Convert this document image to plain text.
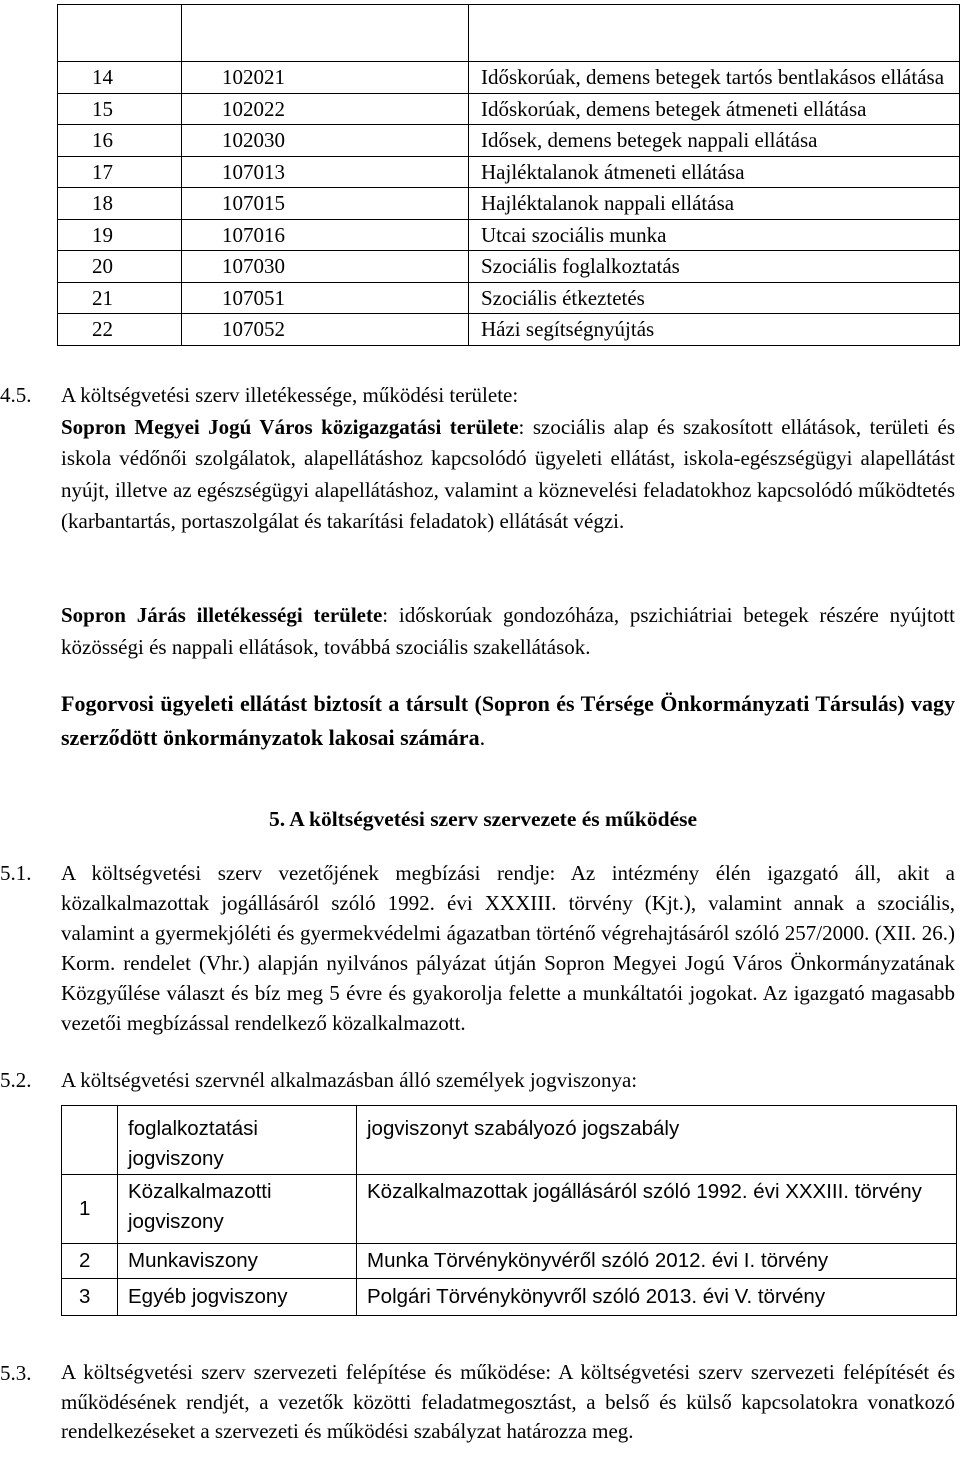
14	102021	Időskorúak, demens betegek tartós bentlakásos ellátása
15	102022	Időskorúak, demens betegek átmeneti ellátása
16	102030	Idősek, demens betegek nappali ellátása
17	107013	Hajléktalanok átmeneti ellátása
18	107015	Hajléktalanok nappali ellátása
19	107016	Utcai szociális munka
20	107030	Szociális foglalkoztatás
21	107051	Szociális étkeztetés
22	107052	Házi segítségnyújtás
4.5. A költségvetési szerv illetékessége, működési területe:
Sopron Megyei Jogú Város közigazgatási területe: szociális alap és szakosított ellátások, területi és iskola védőnői szolgálatok, alapellátáshoz kapcsolódó ügyeleti ellátást, iskola-egészségügyi alapellátást nyújt, illetve az egészségügyi alapellátáshoz, valamint a köznevelési feladatokhoz kapcsolódó működtetés (karbantartás, portaszolgálat és takarítási feladatok) ellátását végzi.
Sopron Járás illetékességi területe: időskorúak gondozóháza, pszichiátriai betegek részére nyújtott közösségi és nappali ellátások, továbbá szociális szakellátások.
Fogorvosi ügyeleti ellátást biztosít a társult (Sopron és Térsége Önkormányzati Társulás) vagy szerződött önkormányzatok lakosai számára.
5. A költségvetési szerv szervezete és működése
5.1. A költségvetési szerv vezetőjének megbízási rendje: Az intézmény élén igazgató áll, akit a közalkalmazottak jogállásáról szóló 1992. évi XXXIII. törvény (Kjt.), valamint annak a szociális, valamint a gyermekjóléti és gyermekvédelmi ágazatban történő végrehajtásáról szóló 257/2000. (XII. 26.) Korm. rendelet (Vhr.) alapján nyilvános pályázat útján Sopron Megyei Jogú Város Önkormányzatának Közgyűlése választ és bíz meg 5 évre és gyakorolja felette a munkáltatói jogokat. Az igazgató magasabb vezetői megbízással rendelkező közalkalmazott.
5.2. A költségvetési szervnél alkalmazásban álló személyek jogviszonya:
	foglalkoztatási jogviszony	jogviszonyt szabályozó jogszabály
1	Közalkalmazotti jogviszony	Közalkalmazottak jogállásáról szóló 1992. évi XXXIII. törvény
2	Munkaviszony	Munka Törvénykönyvéről szóló 2012. évi I. törvény
3	Egyéb jogviszony	Polgári Törvénykönyvről szóló 2013. évi V. törvény
5.3. A költségvetési szerv szervezeti felépítése és működése: A költségvetési szerv szervezeti felépítését és működésének rendjét, a vezetők közötti feladatmegosztást, a belső és külső kapcsolatokra vonatkozó rendelkezéseket a szervezeti és működési szabályzat határozza meg.
